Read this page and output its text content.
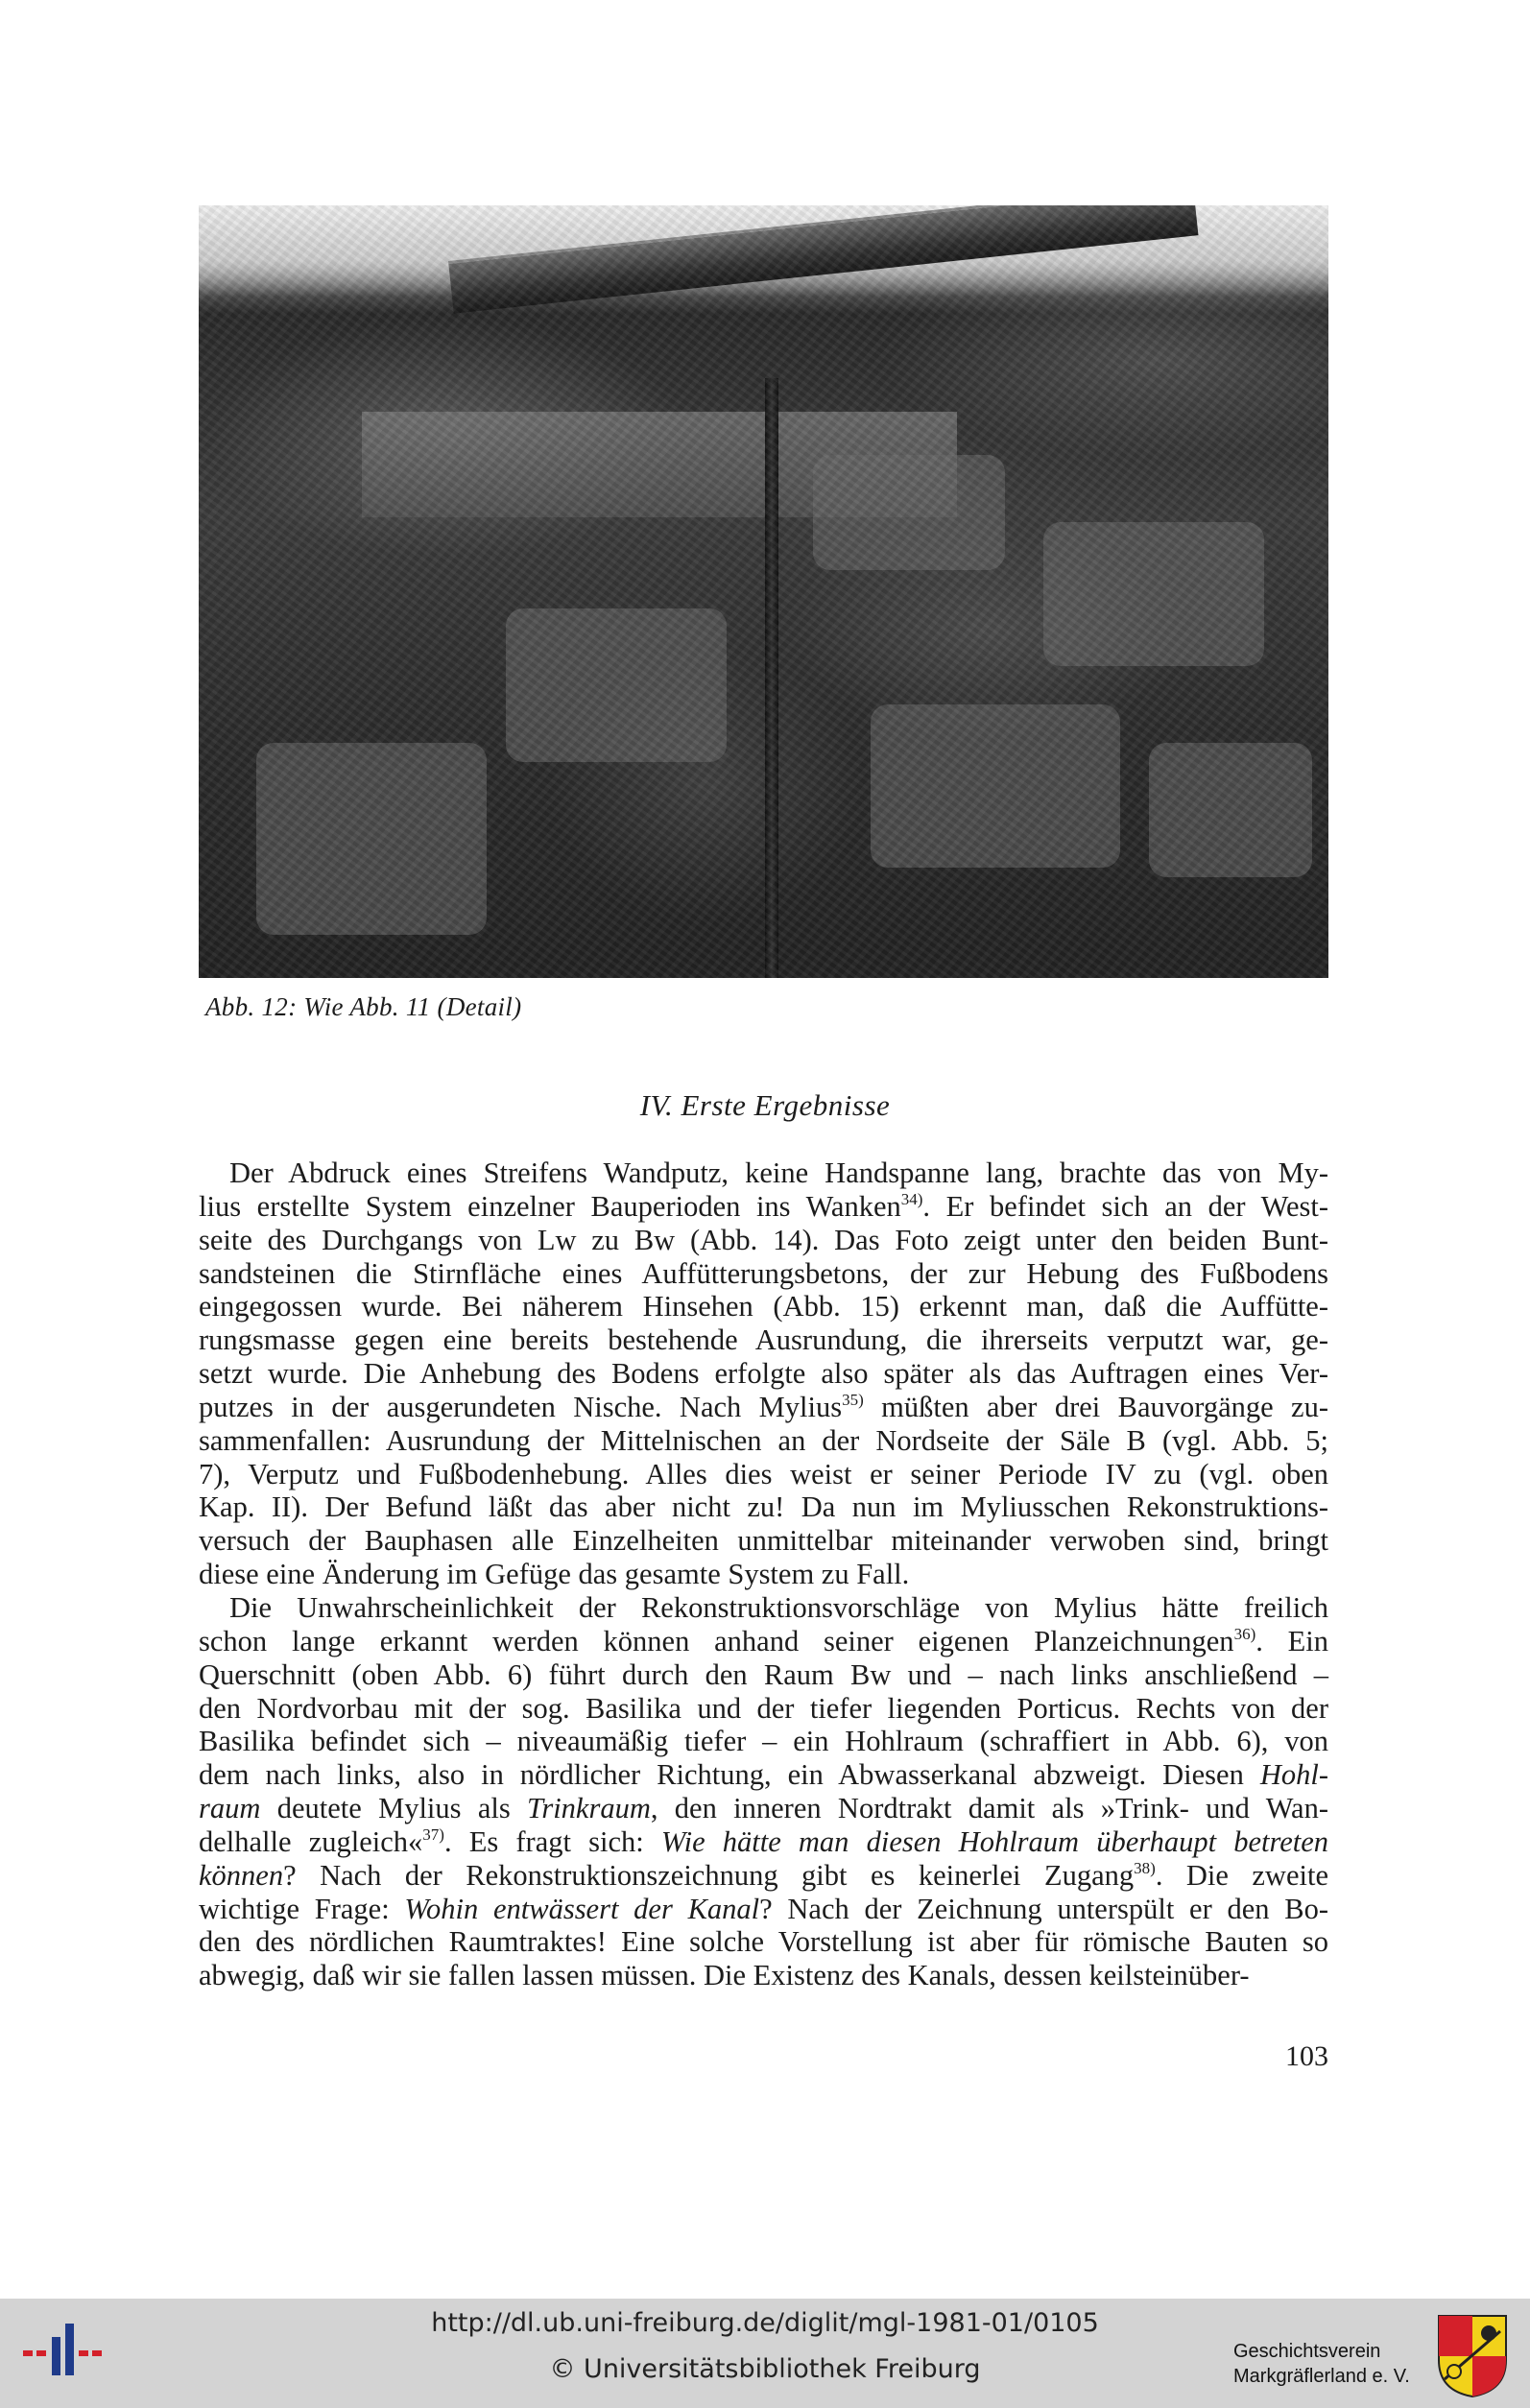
Abb. 12: Wie Abb. 11 (Detail)
IV. Erste Ergebnisse
Der Abdruck eines Streifens Wandputz, keine Handspanne lang, brachte das von My-
lius erstellte System einzelner Bauperioden ins Wanken$^{34)}$. Er befindet sich an der West-
seite des Durchgangs von Lw zu Bw (Abb. 14). Das Foto zeigt unter den beiden Bunt-
sandsteinen die Stirnfläche eines Auffütterungsbetons, der zur Hebung des Fußbodens
eingegossen wurde. Bei näherem Hinsehen (Abb. 15) erkennt man, daß die Auffütte-
rungsmasse gegen eine bereits bestehende Ausrundung, die ihrerseits verputzt war, ge-
setzt wurde. Die Anhebung des Bodens erfolgte also später als das Auftragen eines Ver-
putzes in der ausgerundeten Nische. Nach Mylius$^{35)}$ müßten aber drei Bauvorgänge zu-
sammenfallen: Ausrundung der Mittelnischen an der Nordseite der Säle B (vgl. Abb. 5;
7), Verputz und Fußbodenhebung. Alles dies weist er seiner Periode IV zu (vgl. oben
Kap. II). Der Befund läßt das aber nicht zu! Da nun im Myliusschen Rekonstruktions-
versuch der Bauphasen alle Einzelheiten unmittelbar miteinander verwoben sind, bringt
diese eine Änderung im Gefüge das gesamte System zu Fall.
Die Unwahrscheinlichkeit der Rekonstruktionsvorschläge von Mylius hätte freilich
schon lange erkannt werden können anhand seiner eigenen Planzeichnungen$^{36)}$. Ein
Querschnitt (oben Abb. 6) führt durch den Raum Bw und – nach links anschließend –
den Nordvorbau mit der sog. Basilika und der tiefer liegenden Porticus. Rechts von der
Basilika befindet sich – niveaumäßig tiefer – ein Hohlraum (schraffiert in Abb. 6), von
dem nach links, also in nördlicher Richtung, ein Abwasserkanal abzweigt. Diesen Hohl-
raum deutete Mylius als Trinkraum, den inneren Nordtrakt damit als »Trink- und Wan-
delhalle zugleich«$^{37)}$. Es fragt sich: Wie hätte man diesen Hohlraum überhaupt betreten
können? Nach der Rekonstruktionszeichnung gibt es keinerlei Zugang$^{38)}$. Die zweite
wichtige Frage: Wohin entwässert der Kanal? Nach der Zeichnung unterspült er den Bo-
den des nördlichen Raumtraktes! Eine solche Vorstellung ist aber für römische Bauten so
abwegig, daß wir sie fallen lassen müssen. Die Existenz des Kanals, dessen keilsteinüber-
103
http://dl.ub.uni-freiburg.de/diglit/mgl-1981-01/0105
© Universitätsbibliothek Freiburg
Geschichtsverein
Markgräflerland e. V.
